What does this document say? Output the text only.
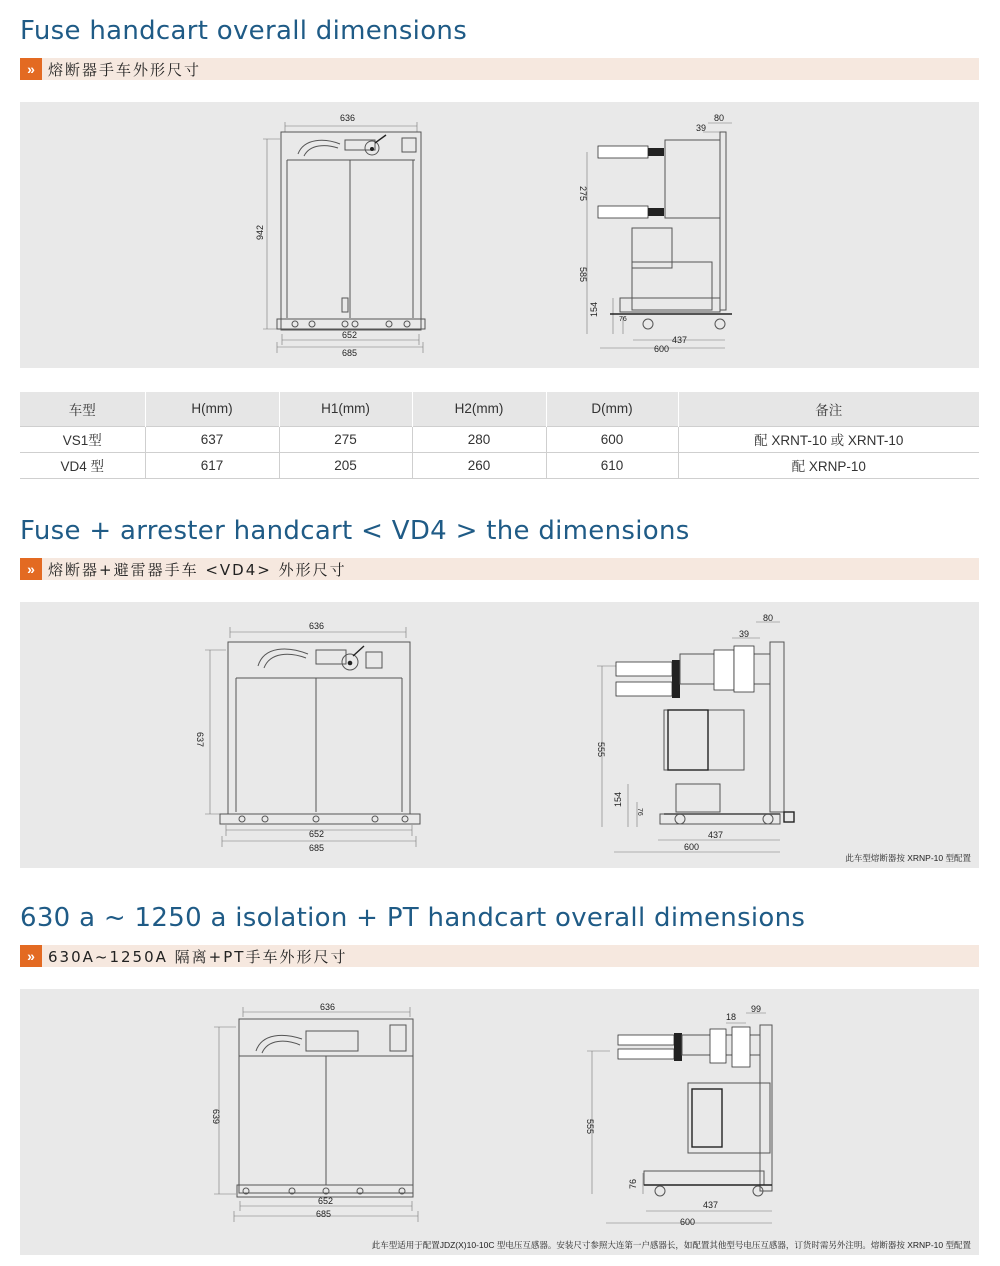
Fuse handcart overall dimensions
» 熔断器手车外形尺寸
636
942
652
685
80
39
275
585
154
76
437
600
车型	H(mm)	H1(mm)	H2(mm)	D(mm)	备注
VS1型	637	275	280	600	配 XRNT-10 或 XRNT-10
VD4 型	617	205	260	610	配 XRNP-10
Fuse + arrester handcart < VD4 > the dimensions
» 熔断器+避雷器手车 <VD4> 外形尺寸
636
637
652
685
80
39
555
154
76
437
600
此车型熔断器按 XRNP-10 型配置
630 a ~ 1250 a isolation + PT handcart overall dimensions
» 630A~1250A 隔离+PT手车外形尺寸
636
639
652
685
99
18
555
76
437
600
此车型适用于配置JDZ(X)10-10C 型电压互感器。安装尺寸参照大连第一户感器长，如配置其他型号电压互感器，订货时需另外注明。熔断器按 XRNP-10 型配置
